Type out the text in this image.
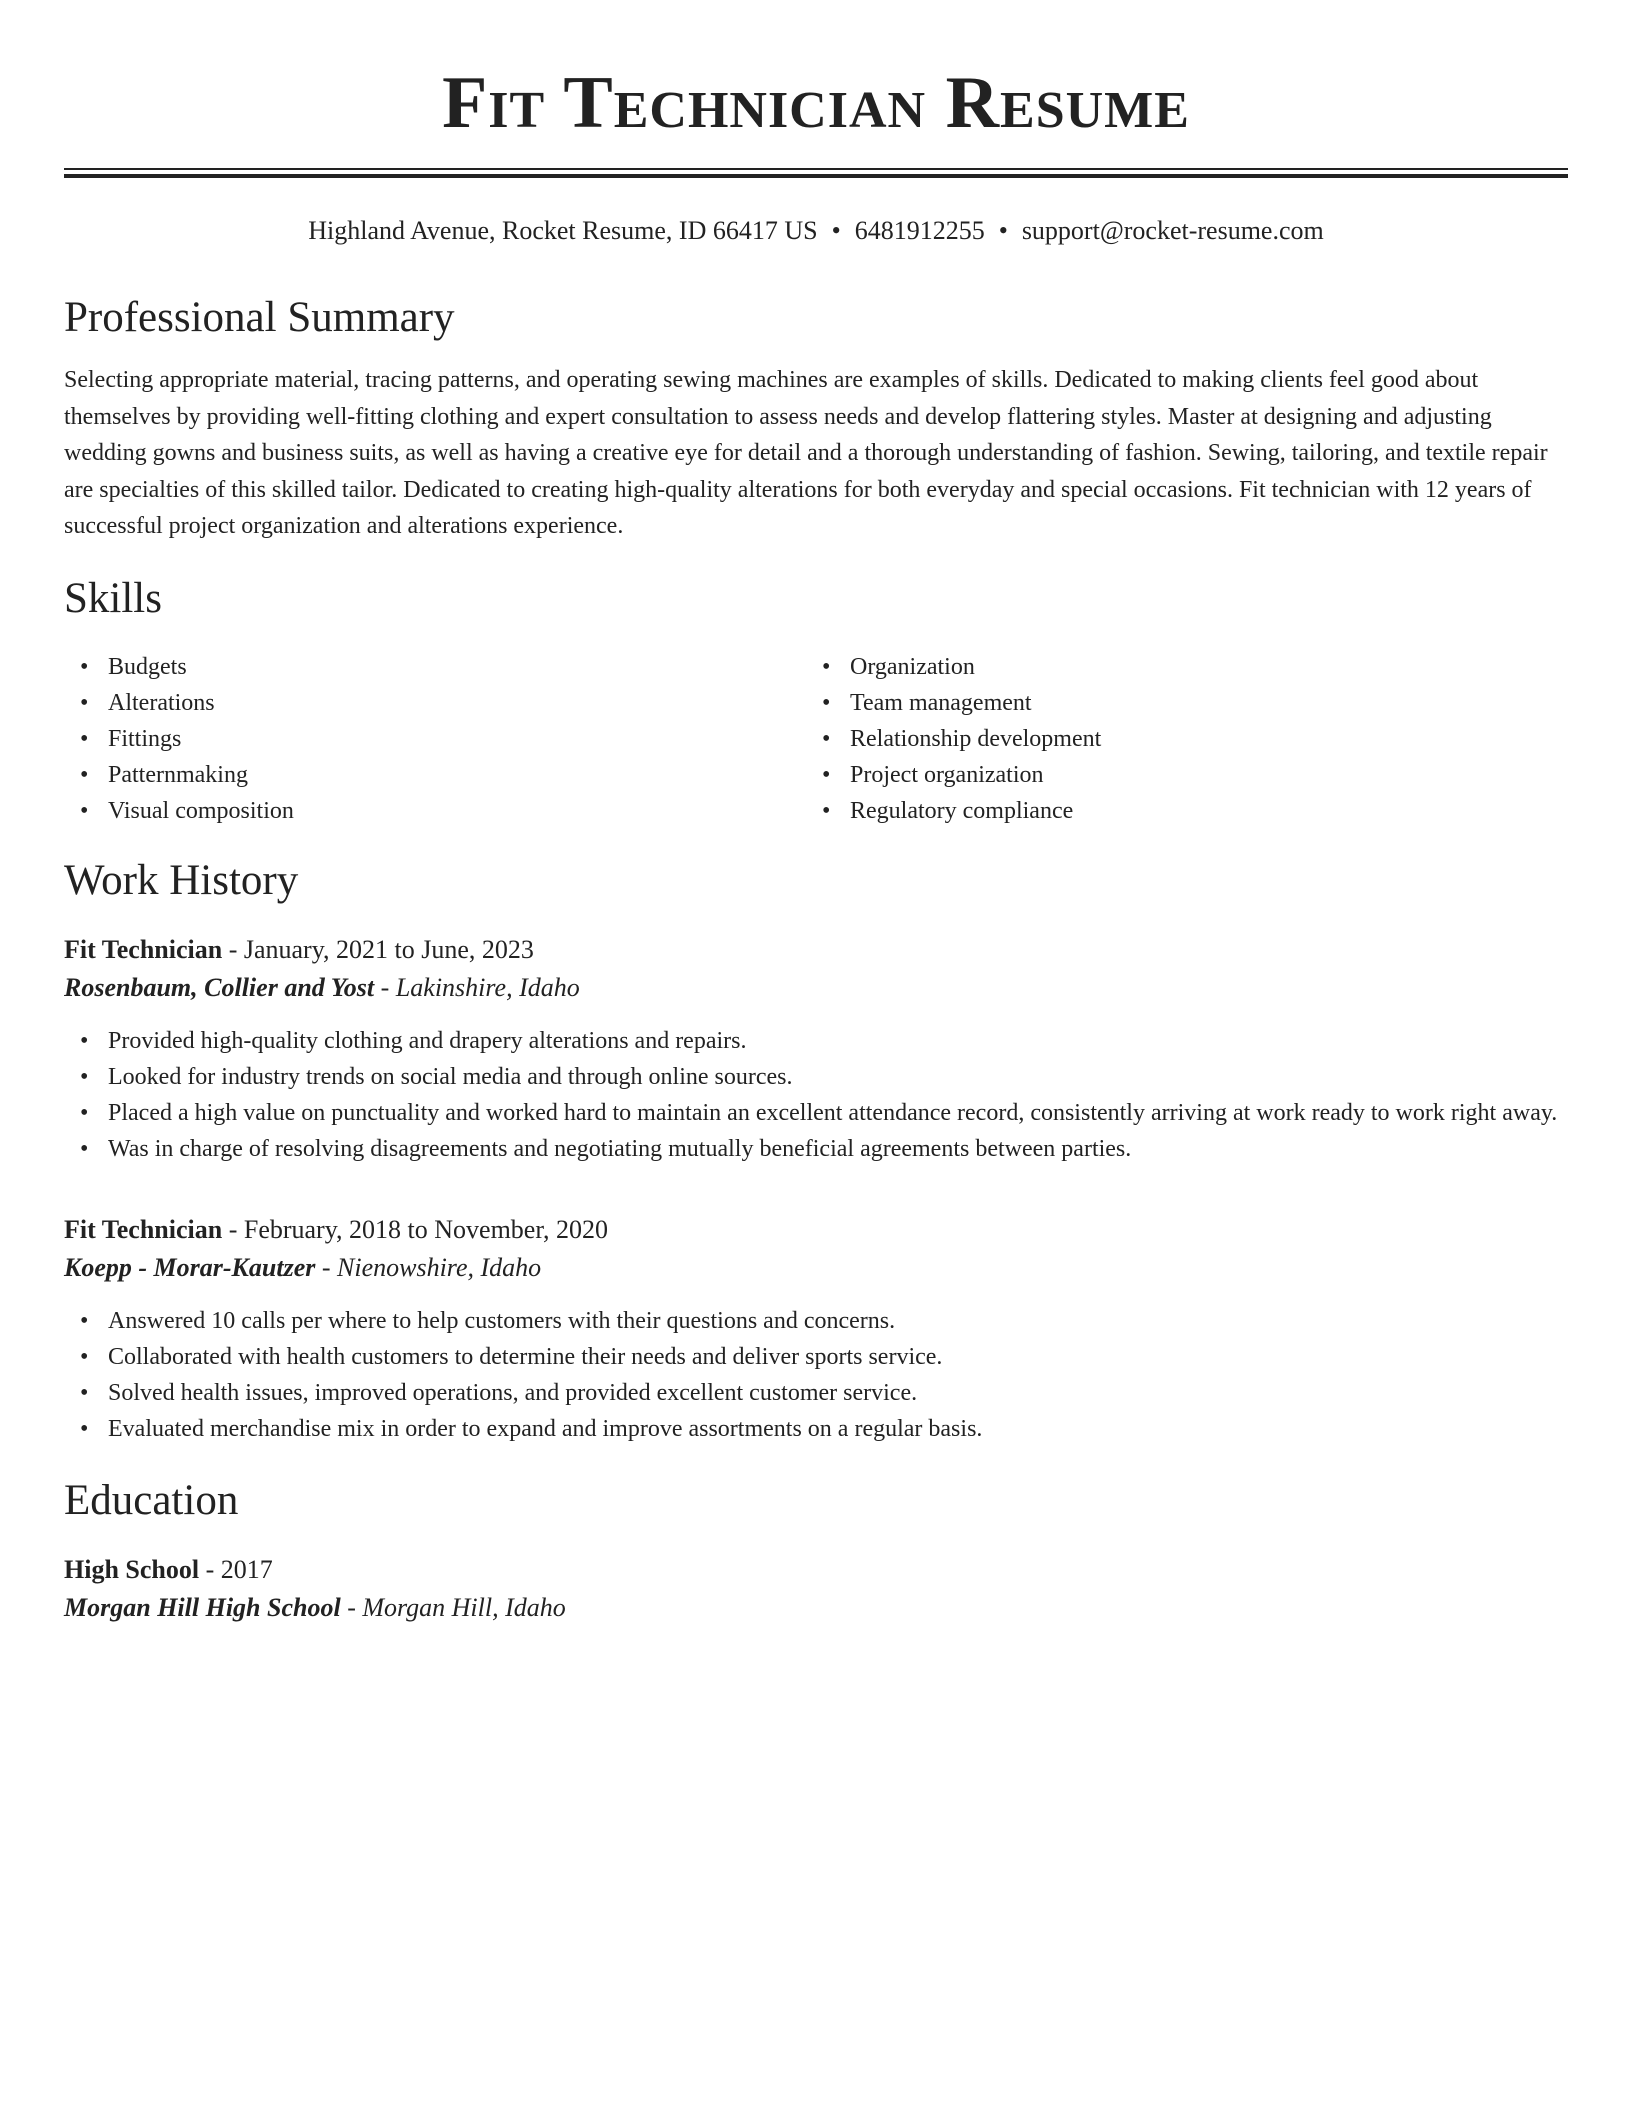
Fit Technician Resume
Highland Avenue, Rocket Resume, ID 66417 US • 6481912255 • support@rocket-resume.com
Professional Summary
Selecting appropriate material, tracing patterns, and operating sewing machines are examples of skills. Dedicated to making clients feel good about themselves by providing well-fitting clothing and expert consultation to assess needs and develop flattering styles. Master at designing and adjusting wedding gowns and business suits, as well as having a creative eye for detail and a thorough understanding of fashion. Sewing, tailoring, and textile repair are specialties of this skilled tailor. Dedicated to creating high-quality alterations for both everyday and special occasions. Fit technician with 12 years of successful project organization and alterations experience.
Skills
• Budgets
• Alterations
• Fittings
• Patternmaking
• Visual composition
• Organization
• Team management
• Relationship development
• Project organization
• Regulatory compliance
Work History
Fit Technician - January, 2021 to June, 2023
Rosenbaum, Collier and Yost - Lakinshire, Idaho
• Provided high-quality clothing and drapery alterations and repairs.
• Looked for industry trends on social media and through online sources.
• Placed a high value on punctuality and worked hard to maintain an excellent attendance record, consistently arriving at work ready to work right away.
• Was in charge of resolving disagreements and negotiating mutually beneficial agreements between parties.
Fit Technician - February, 2018 to November, 2020
Koepp - Morar-Kautzer - Nienowshire, Idaho
• Answered 10 calls per where to help customers with their questions and concerns.
• Collaborated with health customers to determine their needs and deliver sports service.
• Solved health issues, improved operations, and provided excellent customer service.
• Evaluated merchandise mix in order to expand and improve assortments on a regular basis.
Education
High School - 2017
Morgan Hill High School - Morgan Hill, Idaho
